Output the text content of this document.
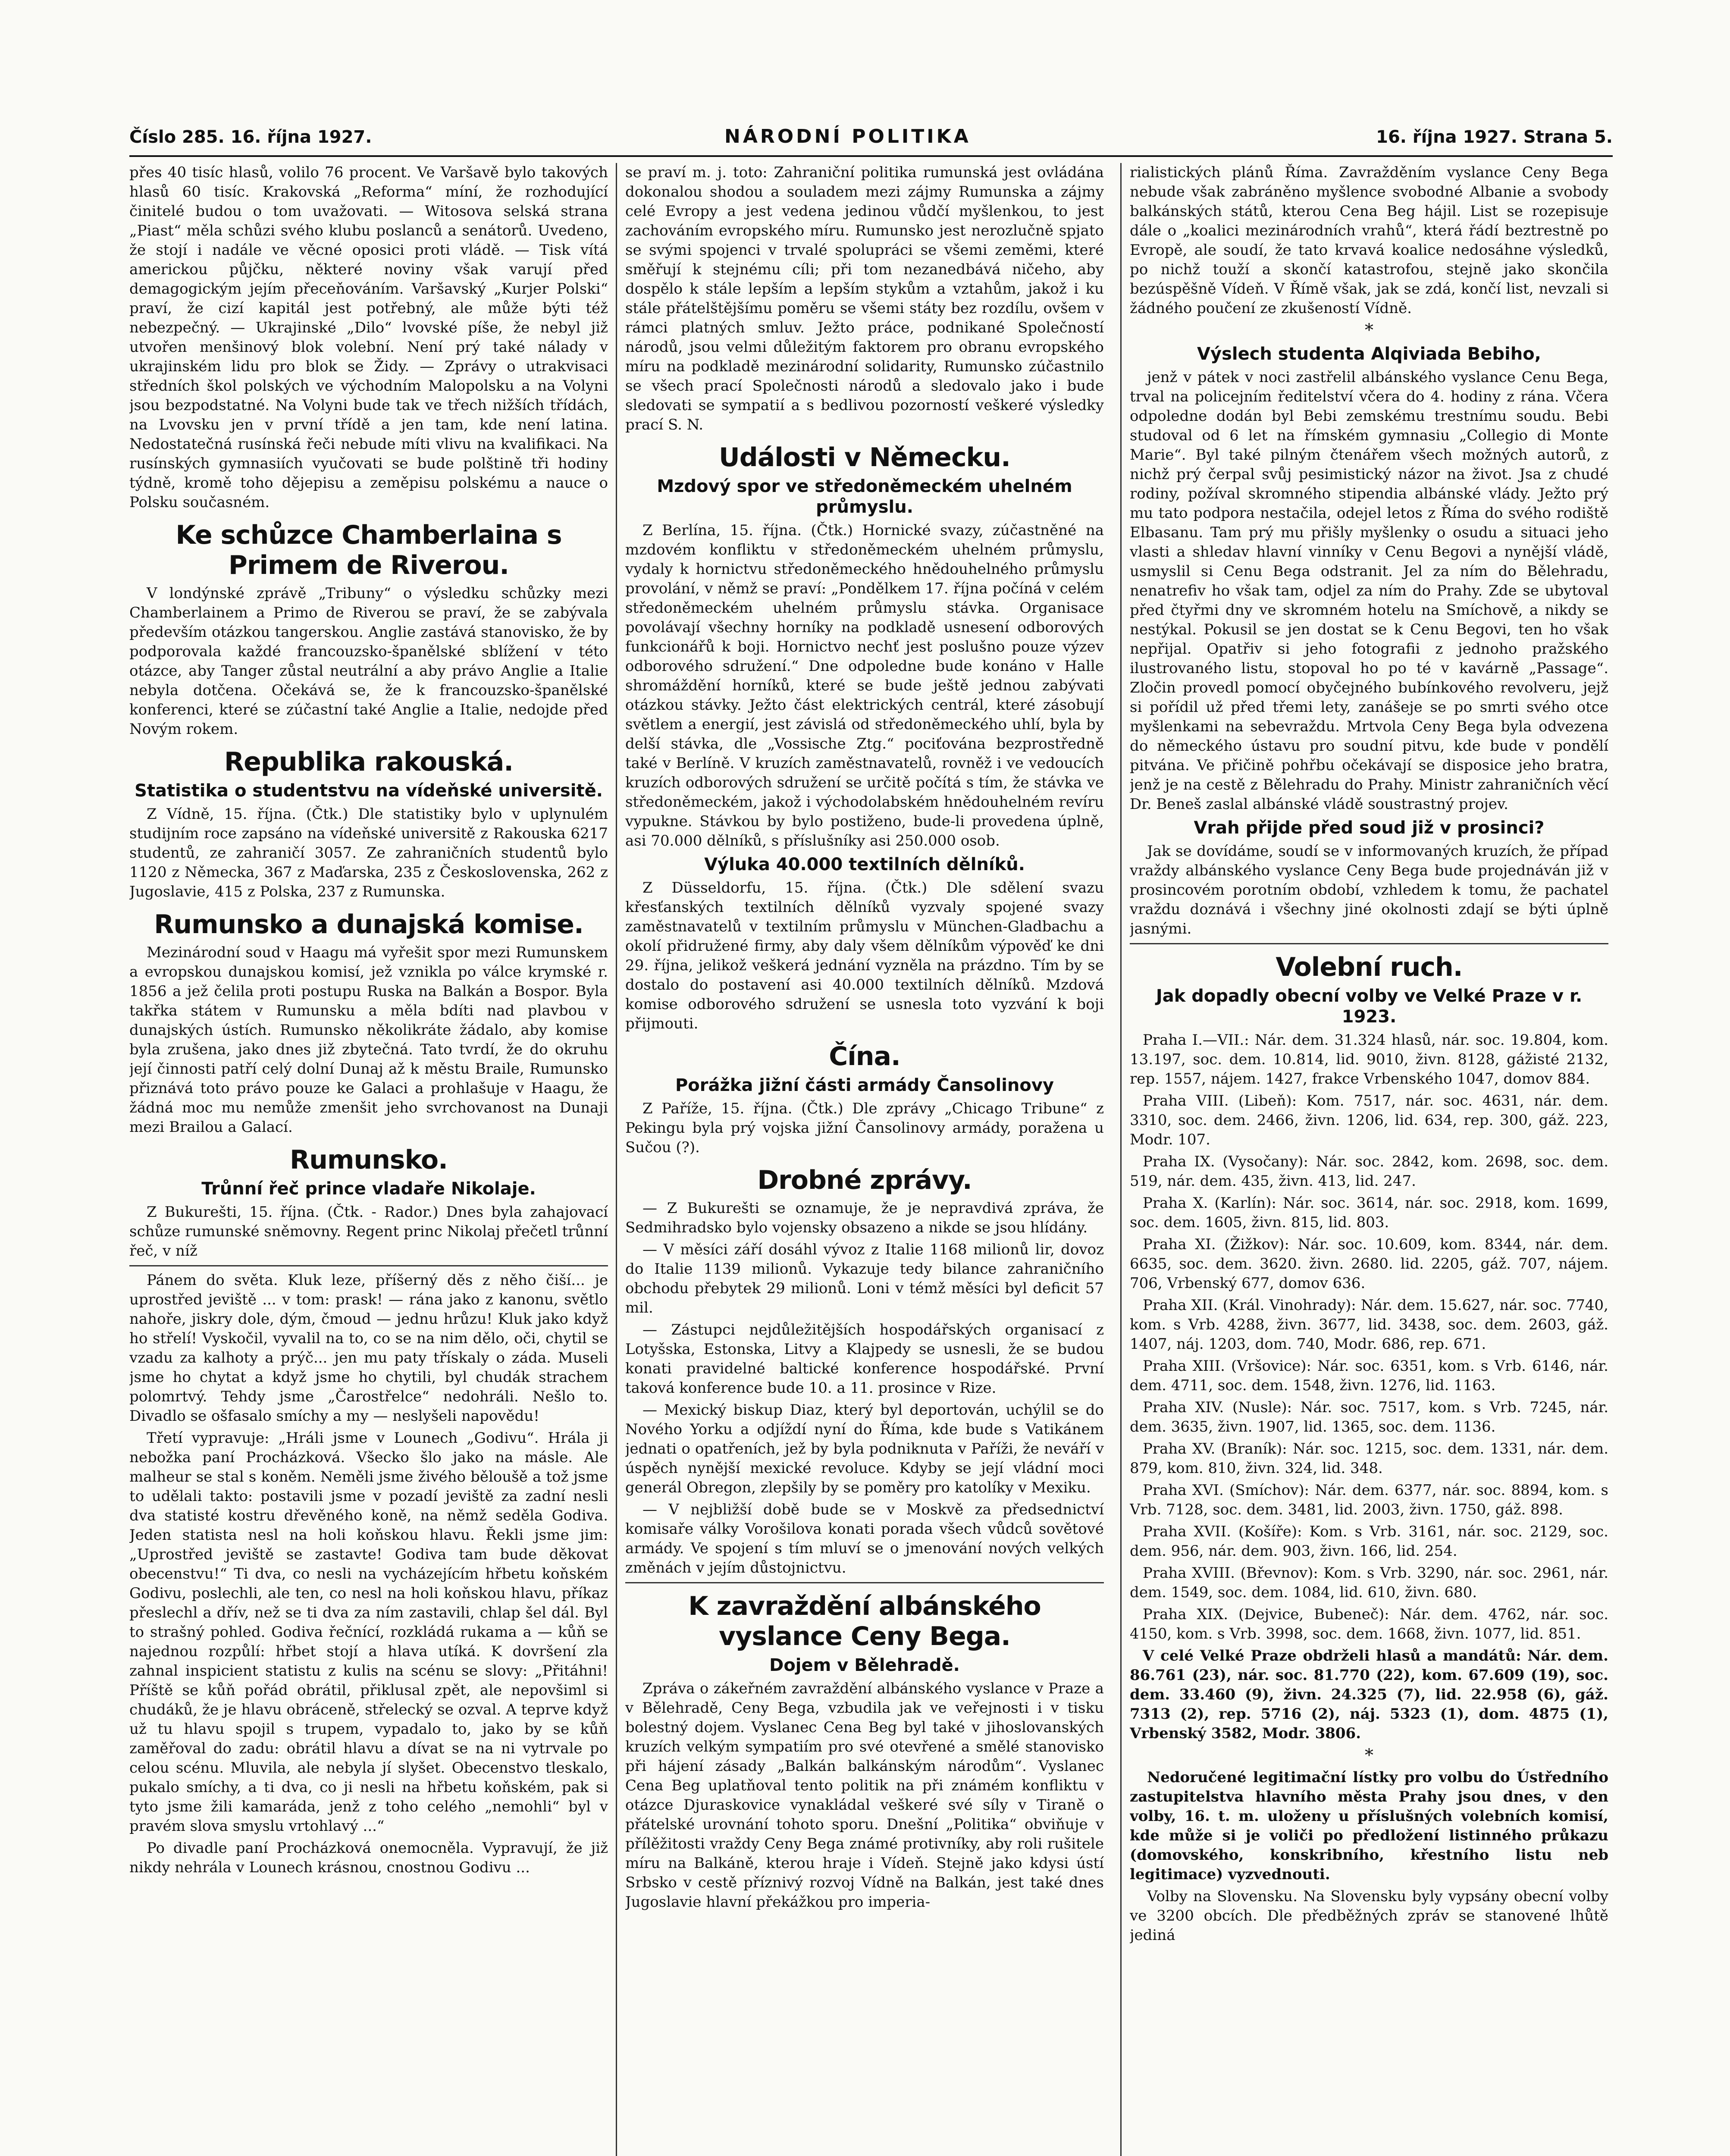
Číslo 285. 16. října 1927.	NÁRODNÍ POLITIKA	16. října 1927. Strana 5.

přes 40 tisíc hlasů, volilo 76 procent. Ve Varšavě bylo takových hlasů 60 tisíc. Krakovská „Reforma“ míní, že rozhodující činitelé budou o tom uvažovati. — Witosova selská strana „Piast“ měla schůzi svého klubu poslanců a senátorů. Uvedeno, že stojí i nadále ve věcné oposici proti vládě. — Tisk vítá americkou půjčku, některé noviny však varují před demagogickým jejím přeceňováním. Varšavský „Kurjer Polski“ praví, že cizí kapitál jest potřebný, ale může býti též nebezpečný. — Ukrajinské „Dilo“ lvovské píše, že nebyl již utvořen menšinový blok volební. Není prý také nálady v ukrajinském lidu pro blok se Židy. — Zprávy o utrakvisaci středních škol polských ve východním Malopolsku a na Volyni jsou bezpodstatné. Na Volyni bude tak ve třech nižších třídách, na Lvovsku jen v první třídě a jen tam, kde není latina. Nedostatečná rusínská řeči nebude míti vlivu na kvalifikaci. Na rusínských gymnasiích vyučovati se bude polštině tři hodiny týdně, kromě toho dějepisu a zeměpisu polskému a nauce o Polsku současném.

Ke schůzce Chamberlaina s Primem de Riverou.

V londýnské zprávě „Tribuny“ o výsledku schůzky mezi Chamberlainem a Primo de Riverou se praví, že se zabývala především otázkou tangerskou. Anglie zastává stanovisko, že by podporovala každé francouzsko-španělské sblížení v této otázce, aby Tanger zůstal neutrální a aby právo Anglie a Italie nebyla dotčena. Očekává se, že k francouzsko-španělské konferenci, které se zúčastní také Anglie a Italie, nedojde před Novým rokem.

Republika rakouská.
Statistika o studentstvu na vídeňské universitě.

Z Vídně, 15. října. (Čtk.) Dle statistiky bylo v uplynulém studijním roce zapsáno na vídeňské universitě z Rakouska 6217 studentů, ze zahraničí 3057. Ze zahraničních studentů bylo 1120 z Německa, 367 z Maďarska, 235 z Československa, 262 z Jugoslavie, 415 z Polska, 237 z Rumunska.

Rumunsko a dunajská komise.

Mezinárodní soud v Haagu má vyřešit spor mezi Rumunskem a evropskou dunajskou komisí, jež vznikla po válce krymské r. 1856 a jež čelila proti postupu Ruska na Balkán a Bospor. Byla takřka státem v Rumunsku a měla bdíti nad plavbou v dunajských ústích. Rumunsko několikráte žádalo, aby komise byla zrušena, jako dnes již zbytečná. Tato tvrdí, že do okruhu její činnosti patří celý dolní Dunaj až k městu Braile, Rumunsko přiznává toto právo pouze ke Galaci a prohlašuje v Haagu, že žádná moc mu nemůže zmenšit jeho svrchovanost na Dunaji mezi Brailou a Galací.

Rumunsko.
Trůnní řeč prince vladaře Nikolaje.

Z Bukurešti, 15. října. (Čtk. - Rador.) Dnes byla zahajovací schůze rumunské sněmovny. Regent princ Nikolaj přečetl trůnní řeč, v níž

Pánem do světa. Kluk leze, příšerný děs z něho čiší... je uprostřed jeviště ... v tom: prask! — rána jako z kanonu, světlo nahoře, jiskry dole, dým, čmoud — jednu hrůzu! Kluk jako když ho střelí! Vyskočil, vyvalil na to, co se na nim dělo, oči, chytil se vzadu za kalhoty a prýč... jen mu paty třískaly o záda. Museli jsme ho chytat a když jsme ho chytili, byl chudák strachem polomrtvý. Tehdy jsme „Čarostřelce“ nedohráli. Nešlo to. Divadlo se ošfasalo smíchy a my — neslyšeli napovědu!

Třetí vypravuje: „Hráli jsme v Lounech „Godivu“. Hrála ji nebožka paní Procházková. Všecko šlo jako na másle. Ale malheur se stal s koněm. Neměli jsme živého běloušě a tož jsme to udělali takto: postavili jsme v pozadí jeviště za zadní nesli dva statisté kostru dřevěného koně, na němž seděla Godiva. Jeden statista nesl na holi koňskou hlavu. Řekli jsme jim: „Uprostřed jeviště se zastavte! Godiva tam bude děkovat obecenstvu!“ Ti dva, co nesli na vycházejícím hřbetu koňském Godivu, poslechli, ale ten, co nesl na holi koňskou hlavu, příkaz přeslechl a dřív, než se ti dva za ním zastavili, chlap šel dál. Byl to strašný pohled. Godiva řečnící, rozkládá rukama a — kůň se najednou rozpůlí: hřbet stojí a hlava utíká. K dovršení zla zahnal inspicient statistu z kulis na scénu se slovy: „Přitáhni! Příště se kůň pořád obrátil, přiklusal zpět, ale nepovšiml si chudáků, že je hlavu obráceně, střelecký se ozval. A teprve když už tu hlavu spojil s trupem, vypadalo to, jako by se kůň zaměřoval do zadu: obrátil hlavu a dívat se na ni vytrvale po celou scénu. Mluvila, ale nebyla jí slyšet. Obecenstvo tleskalo, pukalo smíchy, a ti dva, co ji nesli na hřbetu koňském, pak si tyto jsme žili kamaráda, jenž z toho celého „nemohli“ byl v pravém slova smyslu vrtohlavý ...“

Po divadle paní Procházková onemocněla. Vypravují, že již nikdy nehrála v Lounech krásnou, cnostnou Godivu ...

se praví m. j. toto: Zahraniční politika rumunská jest ovládána dokonalou shodou a souladem mezi zájmy Rumunska a zájmy celé Evropy a jest vedena jedinou vůdčí myšlenkou, to jest zachováním evropského míru. Rumunsko jest nerozlučně spjato se svými spojenci v trvalé spolupráci se všemi zeměmi, které směřují k stejnému cíli; při tom nezanedbává ničeho, aby dospělo k stále lepším a lepším stykům a vztahům, jakož i ku stále přátelštějšímu poměru se všemi státy bez rozdílu, ovšem v rámci platných smluv. Ježto práce, podnikané Společností národů, jsou velmi důležitým faktorem pro obranu evropského míru na podkladě mezinárodní solidarity, Rumunsko zúčastnilo se všech prací Společnosti národů a sledovalo jako i bude sledovati se sympatií a s bedlivou pozorností veškeré výsledky prací S. N.

Události v Německu.
Mzdový spor ve středoněmeckém uhelném průmyslu.

Z Berlína, 15. října. (Čtk.) Hornické svazy, zúčastněné na mzdovém konfliktu v středoněmeckém uhelném průmyslu, vydaly k hornictvu středoněmeckého hnědouhelného průmyslu provolání, v němž se praví: „Pondělkem 17. října počíná v celém středoněmeckém uhelném průmyslu stávka. Organisace povolávají všechny horníky na podkladě usnesení odborových funkcionářů k boji. Hornictvo nechť jest poslušno pouze výzev odborového sdružení.“ Dne odpoledne bude konáno v Halle shromáždění horníků, které se bude ještě jednou zabývati otázkou stávky. Ježto část elektrických centrál, které zásobují světlem a energií, jest závislá od středoněmeckého uhlí, byla by delší stávka, dle „Vossische Ztg.“ pociťována bezprostředně také v Berlíně. V kruzích zaměstnavatelů, rovněž i ve vedoucích kruzích odborových sdružení se určitě počítá s tím, že stávka ve středoněmeckém, jakož i východolabském hnědouhelném revíru vypukne. Stávkou by bylo postiženo, bude-li provedena úplně, asi 70.000 dělníků, s příslušníky asi 250.000 osob.

Výluka 40.000 textilních dělníků.

Z Düsseldorfu, 15. října. (Čtk.) Dle sdělení svazu křesťanských textilních dělníků vyzvaly spojené svazy zaměstnavatelů v textilním průmyslu v München-Gladbachu a okolí přidružené firmy, aby daly všem dělníkům výpověď ke dni 29. října, jelikož veškerá jednání vyzněla na prázdno. Tím by se dostalo do postavení asi 40.000 textilních dělníků. Mzdová komise odborového sdružení se usnesla toto vyzvání k boji přijmouti.

Čína.
Porážka jižní části armády Čansolinovy

Z Paříže, 15. října. (Čtk.) Dle zprávy „Chicago Tribune“ z Pekingu byla prý vojska jižní Čansolinovy armády, poražena u Sučou (?).

Drobné zprávy.

— Z Bukurešti se oznamuje, že je nepravdivá zpráva, že Sedmihradsko bylo vojensky obsazeno a nikde se jsou hlídány.

— V měsíci září dosáhl vývoz z Italie 1168 milionů lir, dovoz do Italie 1139 milionů. Vykazuje tedy bilance zahraničního obchodu přebytek 29 milionů. Loni v témž měsíci byl deficit 57 mil.

— Zástupci nejdůležitějších hospodářských organisací z Lotyšska, Estonska, Litvy a Klajpedy se usnesli, že se budou konati pravidelné baltické konference hospodářské. První taková konference bude 10. a 11. prosince v Rize.

— Mexický biskup Diaz, který byl deportován, uchýlil se do Nového Yorku a odjíždí nyní do Říma, kde bude s Vatikánem jednati o opatřeních, jež by byla podniknuta v Paříži, že neváří v úspěch nynější mexické revoluce. Kdyby se její vládní moci generál Obregon, zlepšily by se poměry pro katolíky v Mexiku.

— V nejbližší době bude se v Moskvě za předsednictví komisaře války Vorošilova konati porada všech vůdců sovětové armády. Ve spojení s tím mluví se o jmenování nových velkých změnách v jejím důstojnictvu.

K zavraždění albánského vyslance Ceny Bega.
Dojem v Bělehradě.

Zpráva o zákeřném zavraždění albánského vyslance v Praze a v Bělehradě, Ceny Bega, vzbudila jak ve veřejnosti i v tisku bolestný dojem. Vyslanec Cena Beg byl také v jihoslovanských kruzích velkým sympatiím pro své otevřené a smělé stanovisko při hájení zásady „Balkán balkánským národům“. Vyslanec Cena Beg uplatňoval tento politik na při známém konfliktu v otázce Djuraskovice vynakládal veškeré své síly v Tiraně o přátelské urovnání tohoto sporu. Dnešní „Politika“ obviňuje v přílěžitosti vraždy Ceny Bega známé protivníky, aby roli rušitele míru na Balkáně, kterou hraje i Vídeň. Stejně jako kdysi ústí Srbsko v cestě příznivý rozvoj Vídně na Balkán, jest také dnes Jugoslavie hlavní překážkou pro imperia-

rialistických plánů Říma. Zavražděním vyslance Ceny Bega nebude však zabráněno myšlence svobodné Albanie a svobody balkánských států, kterou Cena Beg hájil. List se rozepisuje dále o „koalici mezinárodních vrahů“, která řádí beztrestně po Evropě, ale soudí, že tato krvavá koalice nedosáhne výsledků, po nichž touží a skončí katastrofou, stejně jako skončila bezúspěšně Vídeň. V Římě však, jak se zdá, končí list, nevzali si žádného poučení ze zkušeností Vídně.

*
Výslech studenta Alqiviada Bebiho,

jenž v pátek v noci zastřelil albánského vyslance Cenu Bega, trval na policejním ředitelství včera do 4. hodiny z rána. Včera odpoledne dodán byl Bebi zemskému trestnímu soudu. Bebi studoval od 6 let na římském gymnasiu „Collegio di Monte Marie“. Byl také pilným čtenářem všech možných autorů, z nichž prý čerpal svůj pesimistický názor na život. Jsa z chudé rodiny, požíval skromného stipendia albánské vlády. Ježto prý mu tato podpora nestačila, odejel letos z Říma do svého rodiště Elbasanu. Tam prý mu přišly myšlenky o osudu a situaci jeho vlasti a shledav hlavní vinníky v Cenu Begovi a nynější vládě, usmyslil si Cenu Bega odstranit. Jel za ním do Bělehradu, nenatrefiv ho však tam, odjel za ním do Prahy. Zde se ubytoval před čtyřmi dny ve skromném hotelu na Smíchově, a nikdy se nestýkal. Pokusil se jen dostat se k Cenu Begovi, ten ho však nepřijal. Opatřiv si jeho fotografii z jednoho pražského ilustrovaného listu, stopoval ho po té v kavárně „Passage“. Zločin provedl pomocí obyčejného bubínkového revolveru, jejž si pořídil už před třemi lety, zanášeje se po smrti svého otce myšlenkami na sebevraždu. Mrtvola Ceny Bega byla odvezena do německého ústavu pro soudní pitvu, kde bude v pondělí pitvána. Ve přičině pohřbu očekávají se disposice jeho bratra, jenž je na cestě z Bělehradu do Prahy. Ministr zahraničních věcí Dr. Beneš zaslal albánské vládě soustrastný projev.

Vrah přijde před soud již v prosinci?

Jak se dovídáme, soudí se v informovaných kruzích, že případ vraždy albánského vyslance Ceny Bega bude projednáván již v prosincovém porotním období, vzhledem k tomu, že pachatel vraždu doznává i všechny jiné okolnosti zdají se býti úplně jasnými.

Volební ruch.
Jak dopadly obecní volby ve Velké Praze v r. 1923.

Praha I.—VII.: Nár. dem. 31.324 hlasů, nár. soc. 19.804, kom. 13.197, soc. dem. 10.814, lid. 9010, živn. 8128, gážisté 2132, rep. 1557, nájem. 1427, frakce Vrbenského 1047, domov 884.

Praha VIII. (Libeň): Kom. 7517, nár. soc. 4631, nár. dem. 3310, soc. dem. 2466, živn. 1206, lid. 634, rep. 300, gáž. 223, Modr. 107.

Praha IX. (Vysočany): Nár. soc. 2842, kom. 2698, soc. dem. 519, nár. dem. 435, živn. 413, lid. 247.

Praha X. (Karlín): Nár. soc. 3614, nár. soc. 2918, kom. 1699, soc. dem. 1605, živn. 815, lid. 803.

Praha XI. (Žižkov): Nár. soc. 10.609, kom. 8344, nár. dem. 6635, soc. dem. 3620. živn. 2680. lid. 2205, gáž. 707, nájem. 706, Vrbenský 677, domov 636.

Praha XII. (Král. Vinohrady): Nár. dem. 15.627, nár. soc. 7740, kom. s Vrb. 4288, živn. 3677, lid. 3438, soc. dem. 2603, gáž. 1407, náj. 1203, dom. 740, Modr. 686, rep. 671.

Praha XIII. (Vršovice): Nár. soc. 6351, kom. s Vrb. 6146, nár. dem. 4711, soc. dem. 1548, živn. 1276, lid. 1163.

Praha XIV. (Nusle): Nár. soc. 7517, kom. s Vrb. 7245, nár. dem. 3635, živn. 1907, lid. 1365, soc. dem. 1136.

Praha XV. (Braník): Nár. soc. 1215, soc. dem. 1331, nár. dem. 879, kom. 810, živn. 324, lid. 348.

Praha XVI. (Smíchov): Nár. dem. 6377, nár. soc. 8894, kom. s Vrb. 7128, soc. dem. 3481, lid. 2003, živn. 1750, gáž. 898.

Praha XVII. (Košíře): Kom. s Vrb. 3161, nár. soc. 2129, soc. dem. 956, nár. dem. 903, živn. 166, lid. 254.

Praha XVIII. (Břevnov): Kom. s Vrb. 3290, nár. soc. 2961, nár. dem. 1549, soc. dem. 1084, lid. 610, živn. 680.

Praha XIX. (Dejvice, Bubeneč): Nár. dem. 4762, nár. soc. 4150, kom. s Vrb. 3998, soc. dem. 1668, živn. 1077, lid. 851.

V celé Velké Praze obdrželi hlasů a mandátů: Nár. dem. 86.761 (23), nár. soc. 81.770 (22), kom. 67.609 (19), soc. dem. 33.460 (9), živn. 24.325 (7), lid. 22.958 (6), gáž. 7313 (2), rep. 5716 (2), náj. 5323 (1), dom. 4875 (1), Vrbenský 3582, Modr. 3806.

*

Nedoručené legitimační lístky pro volbu do Ústředního zastupitelstva hlavního města Prahy jsou dnes, v den volby, 16. t. m. uloženy u příslušných volebních komisí, kde může si je voliči po předložení listinného průkazu (domovského, konskribního, křestního listu neb legitimace) vyzvednouti.

Volby na Slovensku. Na Slovensku byly vypsány obecní volby ve 3200 obcích. Dle předběžných zpráv se stanovené lhůtě jediná
